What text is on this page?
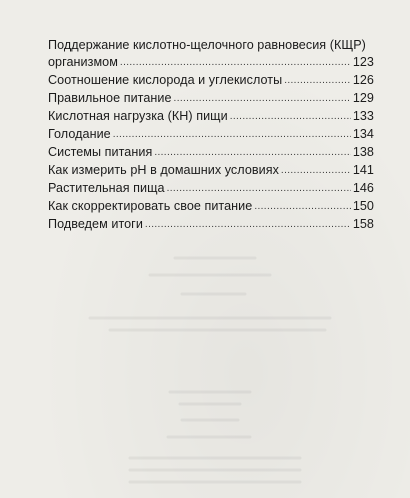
Поддержание кислотно-щелочного равновесия (КЩР)
организмом . . .	123
Соотношение кислорода и углекислоты . . .	126
Правильное питание . . .	129
Кислотная нагрузка (КН) пищи . . .	133
Голодание . . .	134
Системы питания . . .	138
Как измерить pH в домашних условиях . . .	141
Растительная пища . . .	146
Как скорректировать свое питание . . .	150
Подведем итоги . . .	158
